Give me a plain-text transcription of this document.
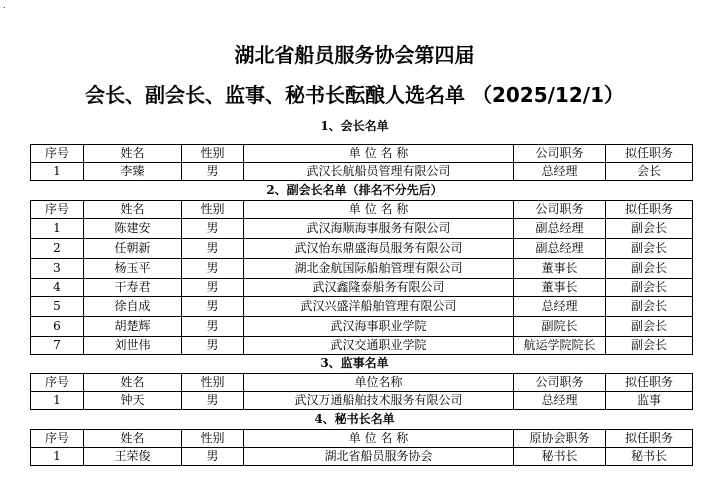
.
湖北省船员服务协会第四届
会长、副会长、监事、秘书长酝酿人选名单 （2025/12/1）
1、会长名单
序号	姓名	性别	单 位 名 称	公司职务	拟任职务
1	李臻	男	武汉长航船员管理有限公司	总经理	会长
2、副会长名单（排名不分先后）
序号	姓名	性别	单 位 名 称	公司职务	拟任职务
1	陈建安	男	武汉海顺海事服务有限公司	副总经理	副会长
2	任朝新	男	武汉怡东鼎盛海员服务有限公司	副总经理	副会长
3	杨玉平	男	湖北金航国际船舶管理有限公司	董事长	副会长
4	干寿君	男	武汉鑫隆泰船务有限公司	董事长	副会长
5	徐自成	男	武汉兴盛洋船舶管理有限公司	总经理	副会长
6	胡楚辉	男	武汉海事职业学院	副院长	副会长
7	刘世伟	男	武汉交通职业学院	航运学院院长	副会长
3、监事名单
序号	姓名	性别	单位名称	公司职务	拟任职务
1	钟天	男	武汉万通船舶技术服务有限公司	总经理	监事
4、秘书长名单
序号	姓名	性别	单 位 名 称	原协会职务	拟任职务
1	王荣俊	男	湖北省船员服务协会	秘书长	秘书长
